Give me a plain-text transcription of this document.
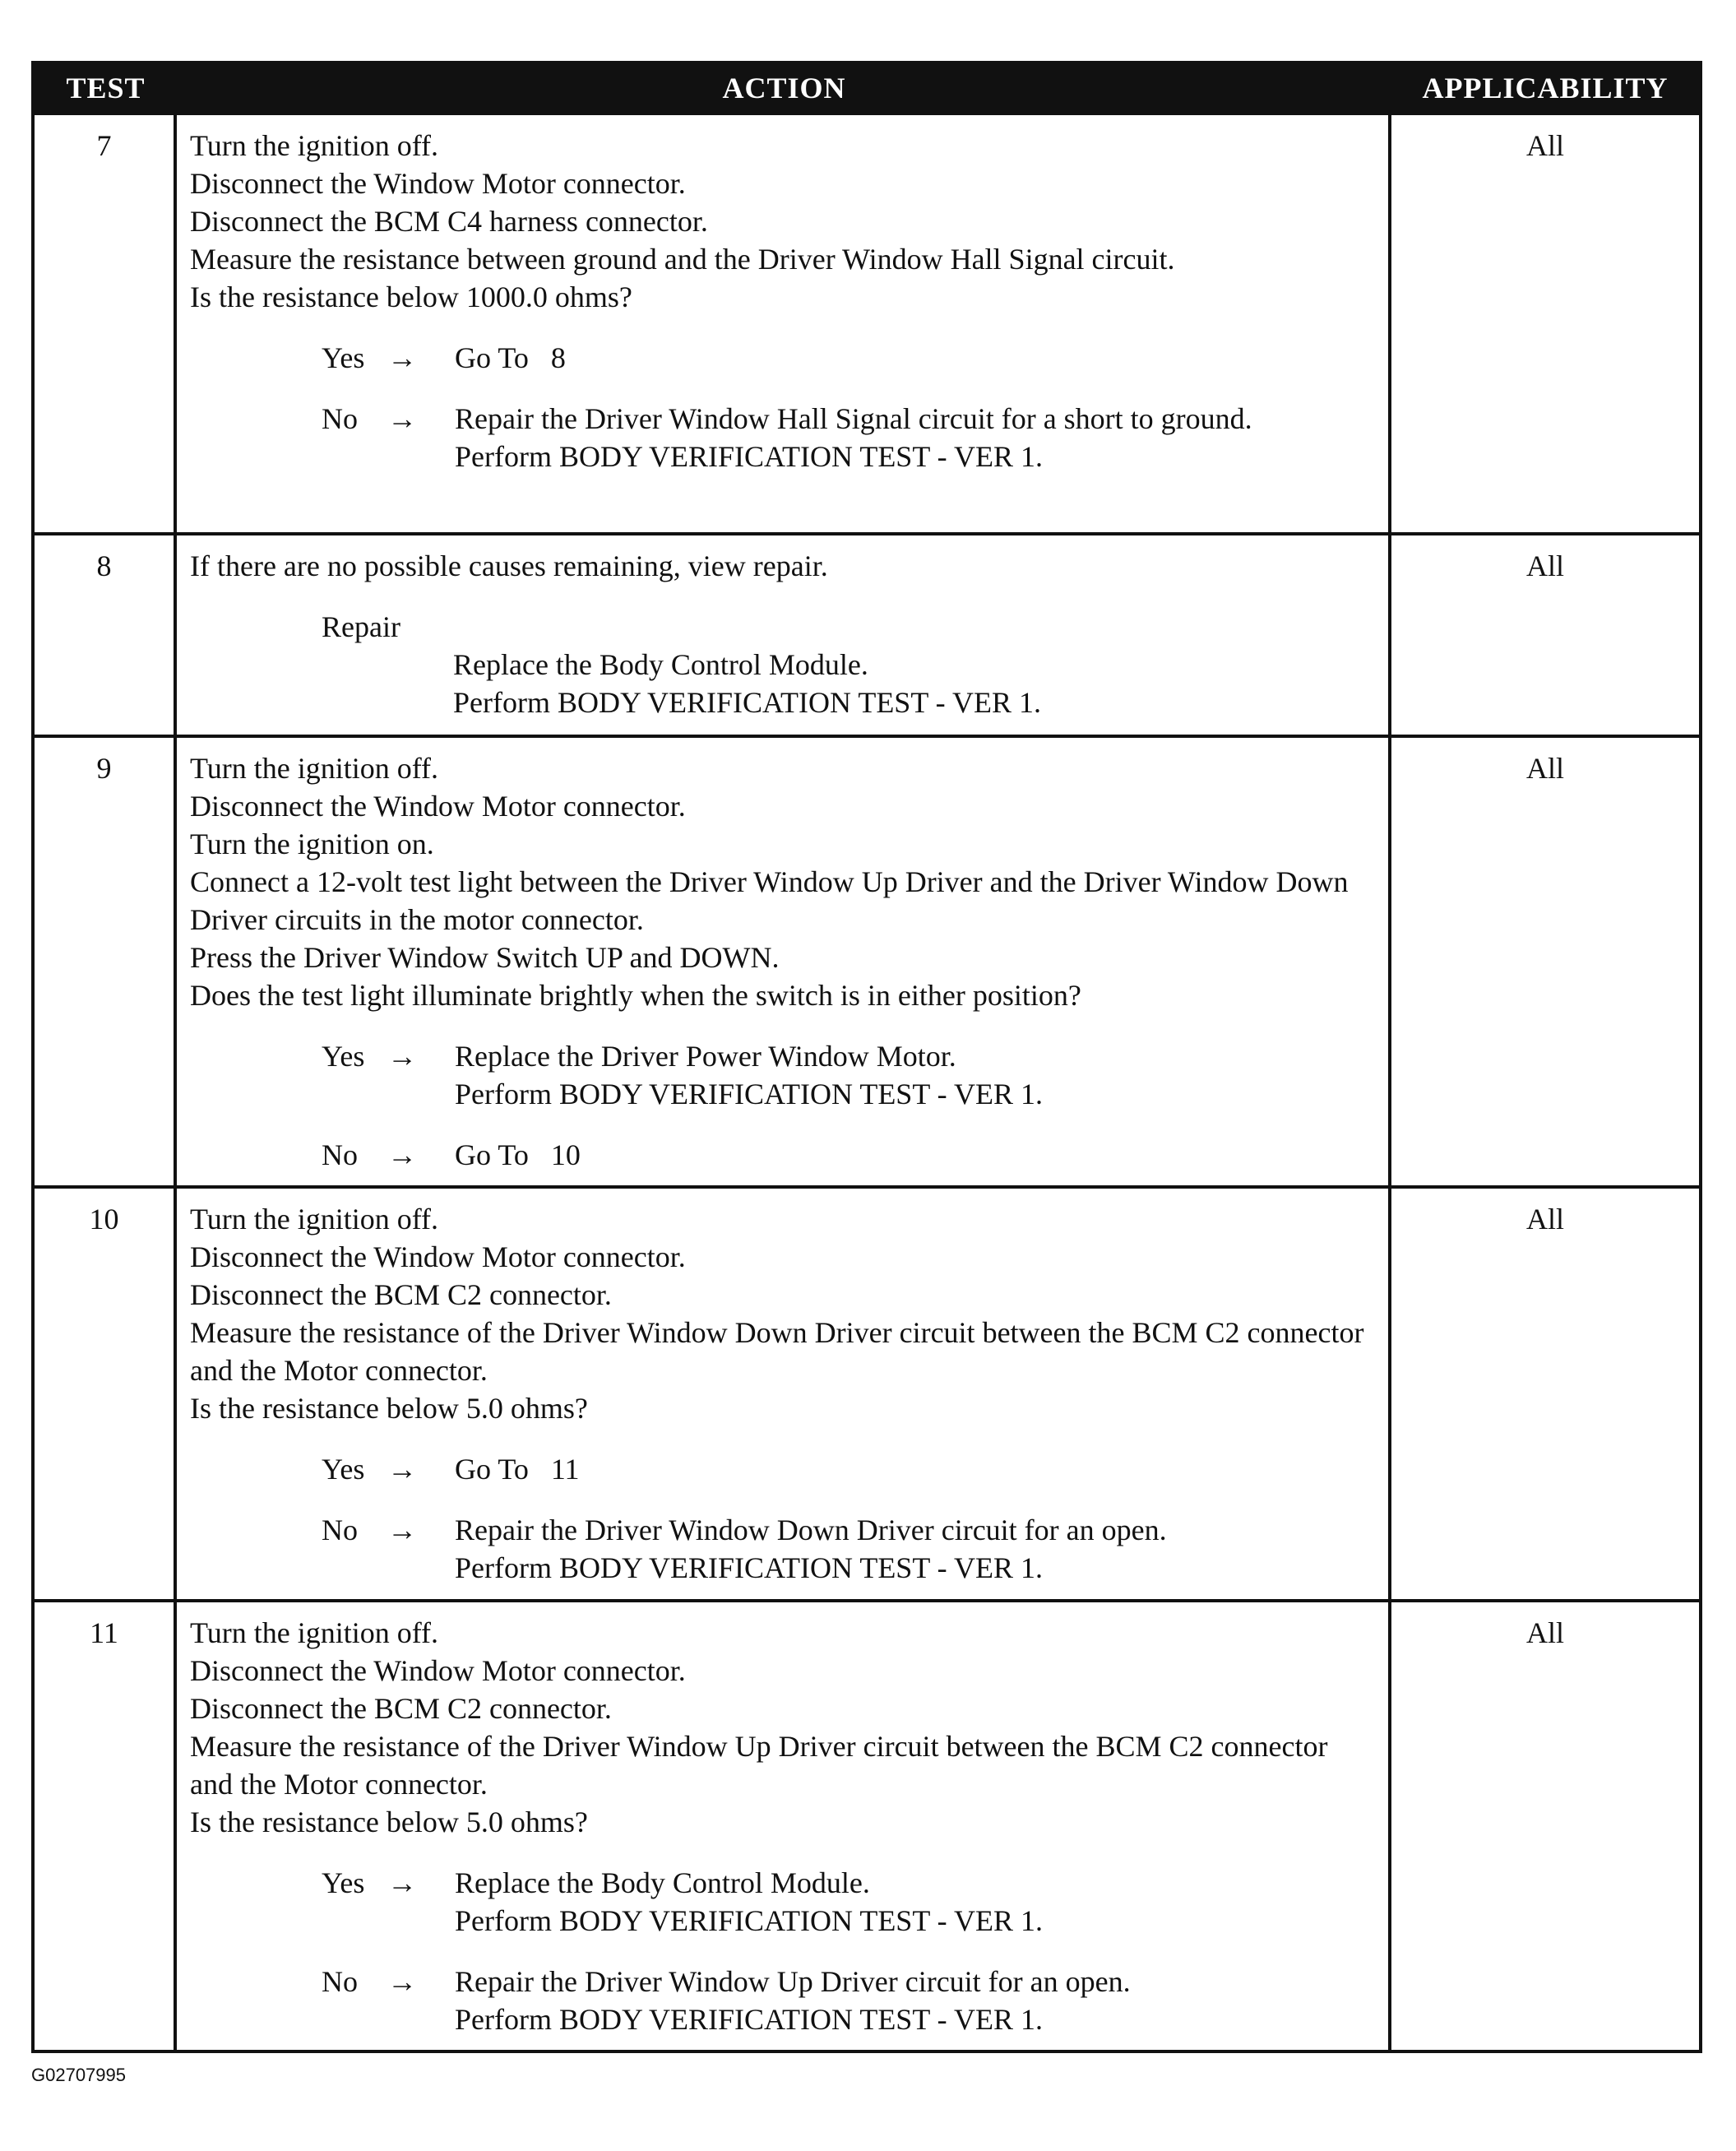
TEST	ACTION	APPLICABILITY
7	Turn the ignition off.
Disconnect the Window Motor connector.
Disconnect the BCM C4 harness connector.
Measure the resistance between ground and the Driver Window Hall Signal circuit.
Is the resistance below 1000.0 ohms?
Yes →	Go To   8
No	→	Repair the Driver Window Hall Signal circuit for a short to ground.
Perform BODY VERIFICATION TEST - VER 1.
All
8	If there are no possible causes remaining, view repair.
Repair
Replace the Body Control Module.
Perform BODY VERIFICATION TEST - VER 1.
All
9	Turn the ignition off.
Disconnect the Window Motor connector.
Turn the ignition on.
Connect a 12-volt test light between the Driver Window Up Driver and the Driver Window Down Driver circuits in the motor connector.
Press the Driver Window Switch UP and DOWN.
Does the test light illuminate brightly when the switch is in either position?
Yes →	Replace the Driver Power Window Motor.
Perform BODY VERIFICATION TEST - VER 1.
No	→	Go To   10
All
10	Turn the ignition off.
Disconnect the Window Motor connector.
Disconnect the BCM C2 connector.
Measure the resistance of the Driver Window Down Driver circuit between the BCM C2 connector and the Motor connector.
Is the resistance below 5.0 ohms?
Yes →	Go To   11
No	→	Repair the Driver Window Down Driver circuit for an open.
Perform BODY VERIFICATION TEST - VER 1.
All
11	Turn the ignition off.
Disconnect the Window Motor connector.
Disconnect the BCM C2 connector.
Measure the resistance of the Driver Window Up Driver circuit between the BCM C2 connector and the Motor connector.
Is the resistance below 5.0 ohms?
Yes →	Replace the Body Control Module.
Perform BODY VERIFICATION TEST - VER 1.
No	→	Repair the Driver Window Up Driver circuit for an open.
Perform BODY VERIFICATION TEST - VER 1.
All
G02707995
